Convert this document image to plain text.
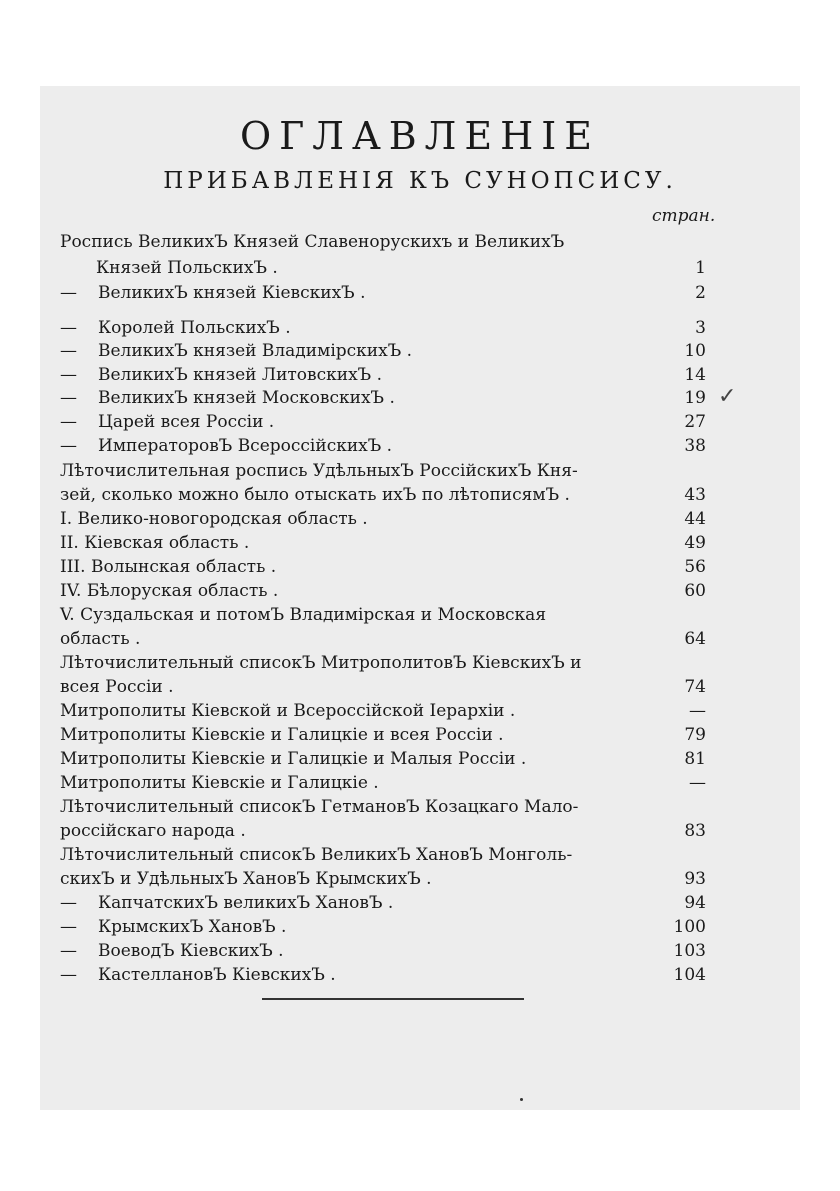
ОГЛАВЛЕНІЕ
ПРИБАВЛЕНІЯ КЪ СУНОПСИСУ.
стран.
Роспись ВеликихЪ Князей Славенорускихъ и ВеликихЪ
Князей ПольскихЪ .	1
— ВеликихЪ князей КіевскихЪ .	2
— Королей ПольскихЪ .	3
— ВеликихЪ князей ВладимірскихЪ .	10
— ВеликихЪ князей ЛитовскихЪ .	14
— ВеликихЪ князей МосковскихЪ .	19
— Царей всея Россіи .	27
— ИмператоровЪ ВсероссійскихЪ .	38
Лѣточислительная роспись УдѣльныхЪ РоссійскихЪ Кня-
зей, сколько можно было отыскать ихЪ по лѣтописямЪ .	43
I. Велико-новогородская область .	44
II. Кіевская область .	49
III. Волынская область .	56
IV. Бѣлоруская область .	60
V. Суздальская и потомЪ Владимірская и Московская
область .	64
Лѣточислительный списокЪ МитрополитовЪ КіевскихЪ и
всея Россіи .	74
Митрополиты Кіевской и Всероссійской Іерархіи .	—
Митрополиты Кіевскіе и Галицкіе и всея Россіи .	79
Митрополиты Кіевскіе и Галицкіе и Малыя Россіи .	81
Митрополиты Кіевскіе и Галицкіе .	—
Лѣточислительный списокЪ ГетмановЪ Козацкаго Мало-
россійскаго народа .	83
Лѣточислительный списокЪ ВеликихЪ ХановЪ Монголь-
скихЪ и УдѣльныхЪ ХановЪ КрымскихЪ .	93
— КапчатскихЪ великихЪ ХановЪ .	94
— КрымскихЪ ХановЪ .	100
— ВоеводЪ КіевскихЪ .	103
— КастеллановЪ КіевскихЪ .	104
✓
